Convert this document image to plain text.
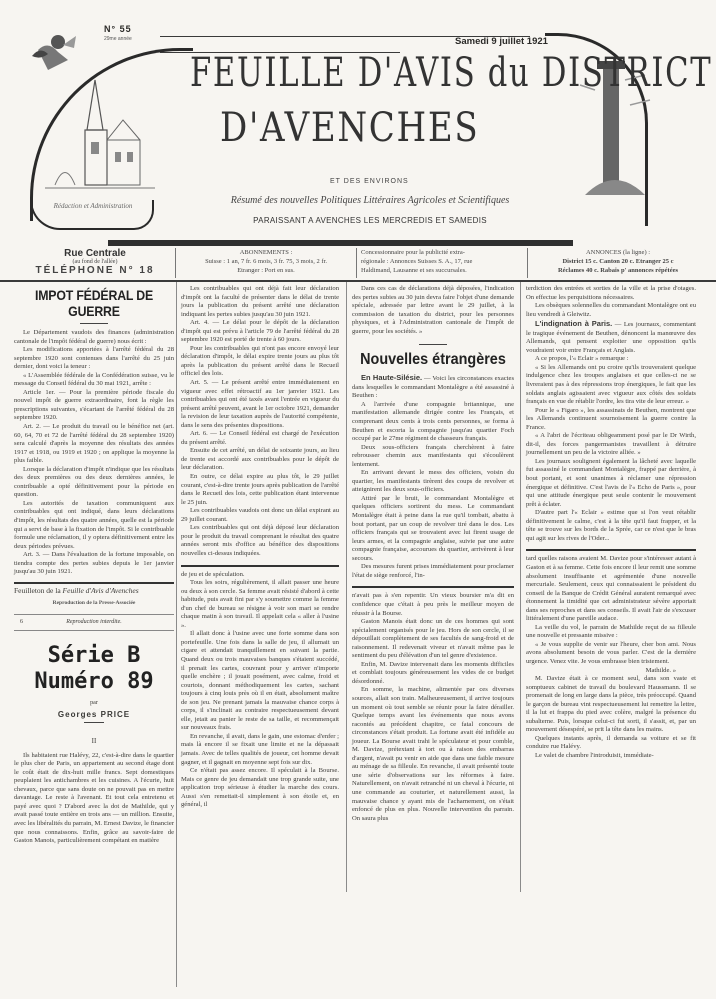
N° 55
29me année	Samedi 9 juillet 1921
Rédaction et Administration
FEUILLE D'AVIS du DISTRICT
D'AVENCHES
ET DES ENVIRONS
Résumé des nouvelles Politiques Littéraires Agricoles et Scientifiques
PARAISSANT A AVENCHES LES MERCREDIS ET SAMEDIS
Rue Centrale
(au fond de l'allée)
TÉLÉPHONE N° 18
ABONNEMENTS :
Suisse : 1 an, 7 fr. 6 mois, 3 fr. 75, 3 mois, 2 fr.
Etranger : Port en sus.
Concessionnaire pour la publicité extra-
régionale : Annonces Suisses S. A., 17, rue
Haldimand, Lausanne et ses succursales.
ANNONCES (la ligne) :
District 15 c. Canton 20 c. Etranger 25 c
Réclames 40 c. Rabais p' annonces répétées
IMPOT FÉDÉRAL DE GUERRE

Le Département vaudois des finances (administration cantonale de l'impôt fédéral de guerre) nous écrit :

Les modifications apportées à l'arrêté fédéral du 28 septembre 1920 sont contenues dans l'arrêté du 25 juin dernier, dont voici la teneur :

« L'Assemblée fédérale de la Confédération suisse, vu le message du Conseil fédéral du 30 mai 1921, arrête :

Article 1er. — Pour la première période fiscale du nouvel impôt de guerre extraordinaire, font la règle les prescriptions suivantes, s'écartant de l'arrêté fédéral du 28 septembre 1920.

Art. 2. — Le produit du travail ou le bénéfice net (art. 60, 64, 70 et 72 de l'arrêté fédéral du 28 septembre 1920) sera calculé d'après la moyenne des résultats des années 1917 et 1918, ou 1919 et 1920 ; on applique la moyenne la plus faible.

Lorsque la déclaration d'impôt n'indique que les résultats des deux premières ou des deux dernières années, le contribuable a opté définitivement pour la période en question.

Les autorités de taxation communiquent aux contribuables qui ont indiqué, dans leurs déclarations d'impôt, les résultats des quatre années, quelle est la période qui a servi de base à la fixation de l'impôt. Si le contribuable formule une réclamation, il y optera définitivement entre les deux périodes prévues.

Art. 3. — Dans l'évaluation de la fortune imposable, on tiendra compte des pertes subies depuis le 1er janvier jusqu'au 30 juin 1921.

Feuilleton de la Feuille d'Avis d'Avenches
Reproduction de la Presse-Associée
6	Reproduction interdite.
Série B
Numéro 89
par
Georges PRICE
II

Ils habitaient rue Halévy, 22, c'est-à-dire dans le quartier le plus cher de Paris, un appartement au second étage dont le coût était de dix-huit mille francs. Sept domestiques peuplaient les antichambres et les cuisines. A l'écurie, huit chevaux, parce que sans doute on ne pouvait pas en mettre davantage. Le reste à l'avenant. Et tout cela entretenu et payé avec quoi ? D'abord avec la dot de Mathilde, qui y avait passé toute entière en trois ans — un million. Ensuite, avec les libéralités du parrain, M. Ernest Davize, le financier que nous connaissons. Enfin, grâce au savoir-faire de Gaston Manois, particulièrement compétant en matière

Les contribuables qui ont déjà fait leur déclaration d'impôt ont la faculté de présenter dans le délai de trente jours la publication du présent arrêté une déclaration indiquant les pertes subies jusqu'au 30 juin 1921.

Art. 4. — Le délai pour le dépôt de la déclaration d'impôt qui est prévu à l'article 79 de l'arrêté fédéral du 28 septembre 1920 est porté de trente à 60 jours.

Pour les contribuables qui n'ont pas encore envoyé leur déclaration d'impôt, le délai expire trente jours au plus tôt après la publication du présent arrêté dans le Recueil officiel des lois.

Art. 5. — Le présent arrêté entre immédiatement en vigueur avec effet rétroactif au 1er janvier 1921. Les contribuables qui ont été taxés avant l'entrée en vigueur du présent arrêté peuvent, avant le 1er octobre 1921, demander la revision de leur taxation auprès de l'autorité compétente, dans le sens des présentes dispositions.

Art. 6. — Le Conseil fédéral est chargé de l'exécution du présent arrêté.

Ensuite de cet arrêté, un délai de soixante jours, au lieu de trente est accordé aux contribuables pour le dépôt de leur déclaration.

En outre, ce délai expire au plus tôt, le 29 juillet courant, c'est-à-dire trente jours après publication de l'arrêté dans le Recueil des lois, cette publication étant intervenue le 25 juin.

Les contribuables vaudois ont donc un délai expirant au 29 juillet courant.

Les contribuables qui ont déjà déposé leur déclaration pour le produit du travail comprenant le résultat des quatre années seront mis d'office au bénéfice des dispositions nouvelles ci-dessus indiquées.

de jeu et de spéculation.

Tous les soirs, régulièrement, il allait passer une heure ou deux à son cercle. Sa femme avait résisté d'abord à cette habitude, puis avait fini par s'y soumettre comme la femme d'un chef de bureau se résigne à voir son mari se rendre chaque matin à son travail. Il appelait cela « aller à l'usine ».

Il allait donc à l'usine avec une forte somme dans son portefeuille. Une fois dans la salle de jeu, il allumait un cigare et attendait tranquillement en suivant la partie. Quand deux ou trois mauvaises banques s'étaient succédé, il prenait les cartes, couvrant pour y arriver n'importe quelle enchère ; il jouait posément, avec calme, froid et courtois, donnant méthodiquement les cartes, sachant toujours à cinq louis près où il en était, absolument maître de son jeu. Ne prenant jamais la mauvaise chance corps à corps, il s'inclinait au contraire respectueusement devant elle, jetait au panier le reste de sa taille, et recommençait sur nouveaux frais.

En revanche, il avait, dans le gain, une estomac d'enfer ; mais là encore il se fixait une limite et ne la dépassait jamais. Avec de telles qualités de joueur, cet homme devait gagner, et il gagnait en moyenne sept fois sur dix.

Ce n'était pas assez encore. Il spéculait à la Bourse. Mais ce genre de jeu demandait une trop grande suite, une application trop sérieuse à étudier la marche des cours. Aussi s'en remettait-il simplement à son étoile et, en général, il

Dans ces cas de déclarations déjà déposées, l'indication des pertes subies au 30 juin devra faire l'objet d'une demande spéciale, adressée par lettre avant le 29 juillet, à la commission de taxation du district, pour les personnes physiques, et à l'Administration cantonale de l'impôt de guerre, pour les sociétés. »

Nouvelles étrangères

En Haute-Silésie. — Voici les circonstances exactes dans lesquelles le commandant Montalègre a été assassiné à Beuthen :

A l'arrivée d'une compagnie britannique, une manifestation allemande dirigée contre les Français, et comprenant deux cents à trois cents personnes, se forma à Beuthen et escorta la compagnie jusqu'au quartier Foch occupé par le 27me régiment de chasseurs français.

Deux sous-officiers français cherchèrent à faire rebrousser chemin aux manifestants qui s'écoulèrent lentement.

En arrivant devant le mess des officiers, voisin du quartier, les manifestants tirèrent des coups de revolver et atteignirent les deux sous-officiers.

Attiré par le bruit, le commandant Montalègre et quelques officiers sortirent du mess. Le commandant Montalègre était à peine dans la rue qu'il tombait, abattu à bout portant, par un coup de revolver tiré dans le dos. Les officiers français qui se trouvaient avec lui firent usage de leurs armes, et la compagnie anglaise, suivie par une autre compagnie française, accourues du quartier, arrivèrent à leur secours.

Des mesures furent prises immédiatement pour proclamer l'état de siège renforcé, l'in-

n'avait pas à s'en repentir. Un vieux boursier m'a dit en confidence que c'était à peu près le meilleur moyen de réussir à la Bourse.

Gaston Manois était donc un de ces hommes qui sont spécialement organisés pour le jeu. Hors de son cercle, il se dépouillait complètement de ses facultés de sang-froid et de raisonnement. Il redevenait viveur et n'avait même pas le sentiment du peu d'élévation d'un tel genre d'existence.

Enfin, M. Davize intervenait dans les moments difficiles et comblait toujours généreusement les vides de ce budget désordonné.

En somme, la machine, alimentée par ces diverses sources, allait son train. Malheureusement, il arrive toujours un moment où tout semble se réunir pour la faire dérailler. Quelque temps avant les événements que nous avons racontés au précédent chapitre, ce fatal concours de circonstances s'était produit. La fortune avait été infidèle au joueur. La Bourse avait trahi le spéculateur et pour comble, M. Davize, prétextant à tort ou à raison des embarras d'argent, n'avait pu venir en aide que dans une faible mesure au ménage de sa filleule. En revanche, il avait présenté toute une série d'observations sur les réformes à faire. Naturellement, on n'avait retranché ni un cheval à l'écurie, ni une commande au couturier, et naturellement aussi, la mauvaise chance y ayant mis de l'acharnement, on s'était enfoncé de plus en plus. Nouvelle intervention du parrain. On saura plus

terdiction des entrées et sorties de la ville et la prise d'otages. On effectue les perquisitions nécessaires.

Les obsèques solennelles du commandant Montalègre ont eu lieu vendredi à Gleiwitz.

L'indignation à Paris. — Les journaux, commentant le tragique événement de Beuthen, dénoncent la manœuvre des Allemands, qui pensent exploiter une opposition qu'ils voudraient voir entre Français et Anglais.

A ce propos, l'« Eclair » remarque :

« Si les Allemands ont pu croire qu'ils trouveraient quelque indulgence chez les troupes anglaises et que celles-ci ne se livreraient pas à des répressions trop énergiques, le fait que les soldats anglais agissaient avec vigueur aux côtés des soldats français en vue de rétablir l'ordre, les tira vite de leur erreur. »

Pour le « Figaro », les assassinats de Beuthen, montrent que les Allemands continuent sournoisement la guerre contre la France.

« A l'abri de l'écriteau obligeamment posé par le Dr Wirth, dit-il, des forces pangermanistes travaillent à détruire journellement un peu de la victoire alliée. »

Les journaux soulignent également la lâcheté avec laquelle fut assassiné le commandant Montalègre, frappé par derrière, à bout portant, et sont unanimes à réclamer une répression énergique et définitive. C'est l'avis de l'« Echo de Paris », pour qui une attitude énergique peut seule contenir le mouvement prêt à éclater.

D'autre part l'« Eclair » estime que si l'on veut rétablir définitivement le calme, c'est à la tête qu'il faut frapper, et la tête se trouve sur les bords de la Sprée, car ce n'est que le bras qui agit sur les rives de l'Oder...

tard quelles raisons avaient M. Davize pour s'intéresser autant à Gaston et à sa femme. Cette fois encore il leur remit une somme absolument insuffisante et agrémentée d'une nouvelle mercuriale. Seulement, ceux qui connaissaient le président du conseil de la Banque de Crédit Général auraient remarqué avec étonnement la timidité que cet administrateur sévère apportait dans ses reproches et dans ses conseils. Il avait l'air de s'excuser littéralement d'une pareille audace.

La veille du vol, le parrain de Mathilde reçut de sa filleule une nouvelle et pressante missive :

« Je vous supplie de venir sur l'heure, cher bon ami. Nous avons absolument besoin de vous parler. C'est de la dernière urgence. Venez vite. Je vous embrasse bien tristement.

Mathilde. »

M. Davize était à ce moment seul, dans son vaste et somptueux cabinet de travail du boulevard Haussmann. Il se promenait de long en large dans la pièce, très préoccupé. Quand le garçon de bureau vint respectueusement lui remettre la lettre, il la lut et frappa du pied avec colère, malgré la présence du subalterne. Puis, lorsque celui-ci fut sorti, il s'assit, et, par un mouvement désespéré, se prit la tête dans les mains.

Quelques instants après, il demanda sa voiture et se fit conduire rue Halévy.

Le valet de chambre l'introduisit, immédiate-
